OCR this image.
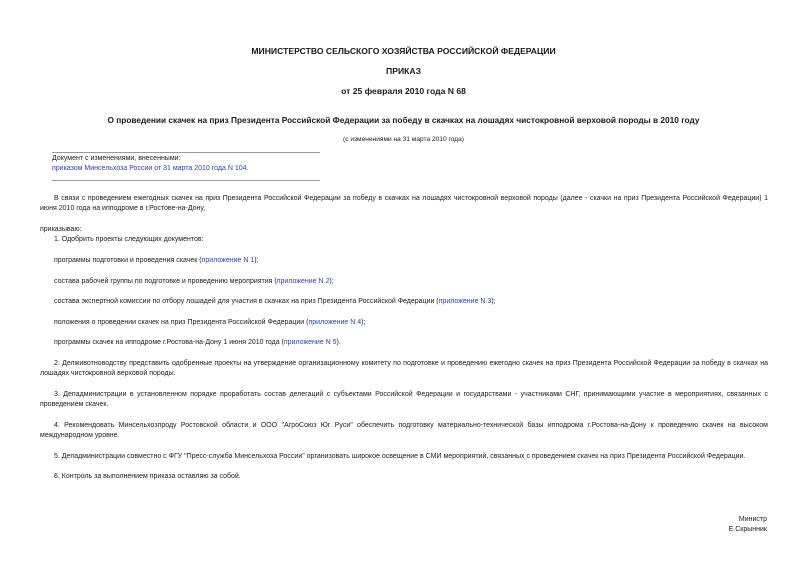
МИНИСТЕРСТВО СЕЛЬСКОГО ХОЗЯЙСТВА РОССИЙСКОЙ ФЕДЕРАЦИИ
ПРИКАЗ
от 25 февраля 2010 года N 68
О проведении скачек на приз Президента Российской Федерации за победу в скачках на лошадях чистокровной верховой породы в 2010 году
(с изменениями на 31 марта 2010 года)
Документ с изменениями, внесенными:
приказом Минсельхоза России от 31 марта 2010 года N 104.
В связи с проведением ежегодных скачек на приз Президента Российской Федерации за победу в скачках на лошадях чистокровной верховой породы (далее - скачки на приз Президента Российской Федерации) 1 июня 2010 года на ипподроме в г.Ростове-на-Дону,
приказываю:
1. Одобрить проекты следующих документов:
программы подготовки и проведения скачек (приложение N 1);
состава рабочей группы по подготовке и проведению мероприятия (приложение N 2);
состава экспертной комиссии по отбору лошадей для участия в скачках на приз Президента Российской Федерации (приложение N 3);
положения о проведении скачек на приз Президента Российской Федерации (приложение N 4);
программы скачек на ипподроме г.Ростова-на-Дону 1 июня 2010 года (приложение N 5).
2. Делживотноводству представить одобренные проекты на утверждение организационному комитету по подготовке и проведению ежегодно скачек на приз Президента Российской Федерации за победу в скачках на лошадях чистокровной верховой породы.
3. Депадминистрации в установленном порядке проработать состав делегаций с субъектами Российской Федерации и государствами - участниками СНГ, принимающими участие в мероприятиях, связанных с проведением скачек.
4. Рекомендовать Минсельхозпроду Ростовской области и ООО "АгроСоюз Юг Руси" обеспечить подготовку материально-технической базы ипподрома г.Ростова-на-Дону к проведению скачек на высоком международном уровне.
5. Депадминистрации совместно с ФГУ "Пресс-служба Минсельхоза России" организовать широкое освещение в СМИ мероприятий, связанных с проведением скачек на приз Президента Российской Федерации.
6. Контроль за выполнением приказа оставляю за собой.
Министр
Е.Скрынник
